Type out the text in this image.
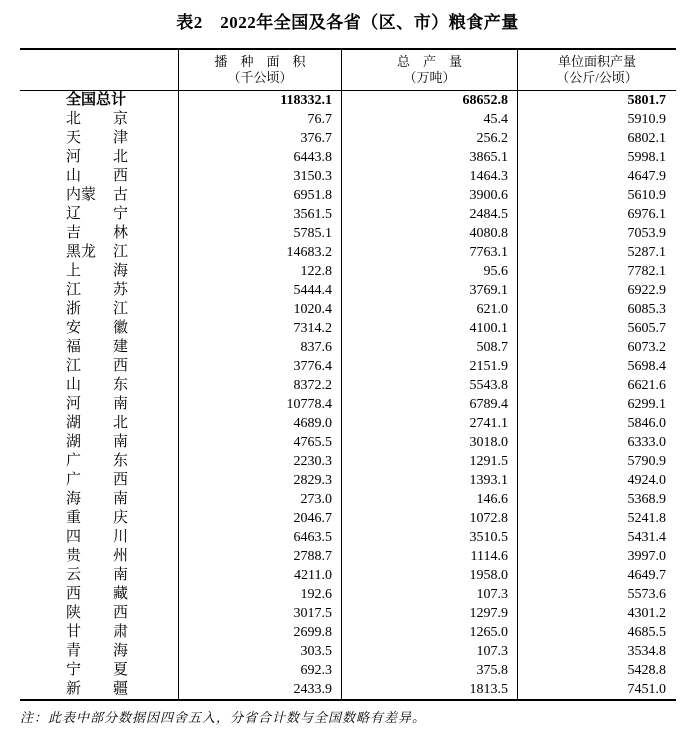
表2　2022年全国及各省（区、市）粮食产量
播　种　面　积
（千公顷）
总　产　量
（万吨）
单位面积产量
（公斤/公顷）
全国总计	118332.1	68652.8	5801.7
北 京	76.7	45.4	5910.9
天 津	376.7	256.2	6802.1
河 北	6443.8	3865.1	5998.1
山 西	3150.3	1464.3	4647.9
内蒙 古	6951.8	3900.6	5610.9
辽 宁	3561.5	2484.5	6976.1
吉 林	5785.1	4080.8	7053.9
黑龙 江	14683.2	7763.1	5287.1
上 海	122.8	95.6	7782.1
江 苏	5444.4	3769.1	6922.9
浙 江	1020.4	621.0	6085.3
安 徽	7314.2	4100.1	5605.7
福 建	837.6	508.7	6073.2
江 西	3776.4	2151.9	5698.4
山 东	8372.2	5543.8	6621.6
河 南	10778.4	6789.4	6299.1
湖 北	4689.0	2741.1	5846.0
湖 南	4765.5	3018.0	6333.0
广 东	2230.3	1291.5	5790.9
广 西	2829.3	1393.1	4924.0
海 南	273.0	146.6	5368.9
重 庆	2046.7	1072.8	5241.8
四 川	6463.5	3510.5	5431.4
贵 州	2788.7	1114.6	3997.0
云 南	4211.0	1958.0	4649.7
西 藏	192.6	107.3	5573.6
陕 西	3017.5	1297.9	4301.2
甘 肃	2699.8	1265.0	4685.5
青 海	303.5	107.3	3534.8
宁 夏	692.3	375.8	5428.8
新 疆	2433.9	1813.5	7451.0
注：此表中部分数据因四舍五入，分省合计数与全国数略有差异。
